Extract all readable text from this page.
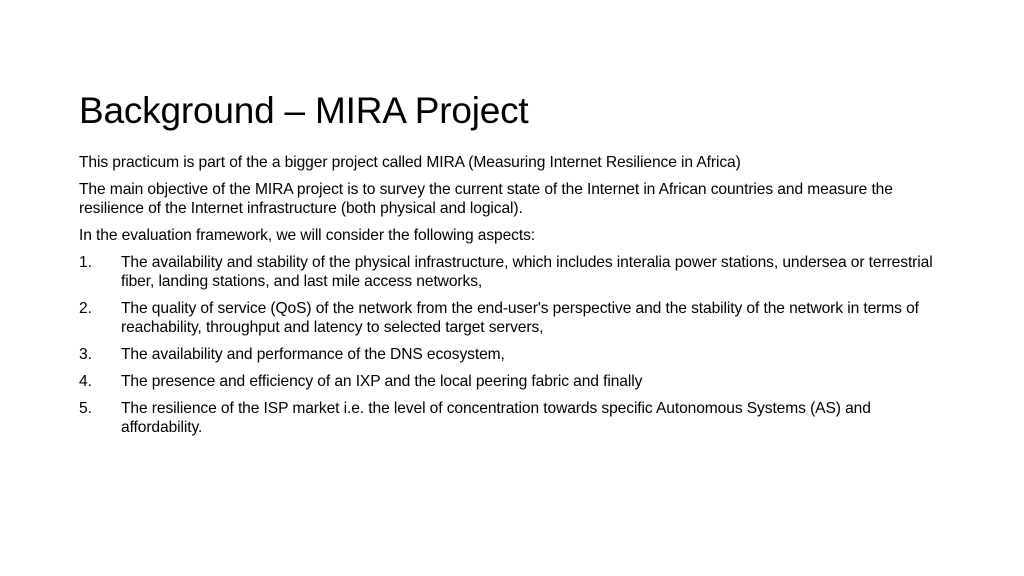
Background – MIRA Project

This practicum is part of the a bigger project called MIRA (Measuring Internet Resilience in Africa)

The main objective of the MIRA project is to survey the current state of the Internet in African countries and measure the resilience of the Internet infrastructure (both physical and logical).

In the evaluation framework, we will consider the following aspects:

1.	The availability and stability of the physical infrastructure, which includes interalia power stations, undersea or terrestrial fiber, landing stations, and last mile access networks,
2.	The quality of service (QoS) of the network from the end-user's perspective and the stability of the network in terms of reachability, throughput and latency to selected target servers,
3.	The availability and performance of the DNS ecosystem,
4.	The presence and efficiency of an IXP and the local peering fabric and finally
5.	The resilience of the ISP market i.e. the level of concentration towards specific Autonomous Systems (AS) and affordability.
